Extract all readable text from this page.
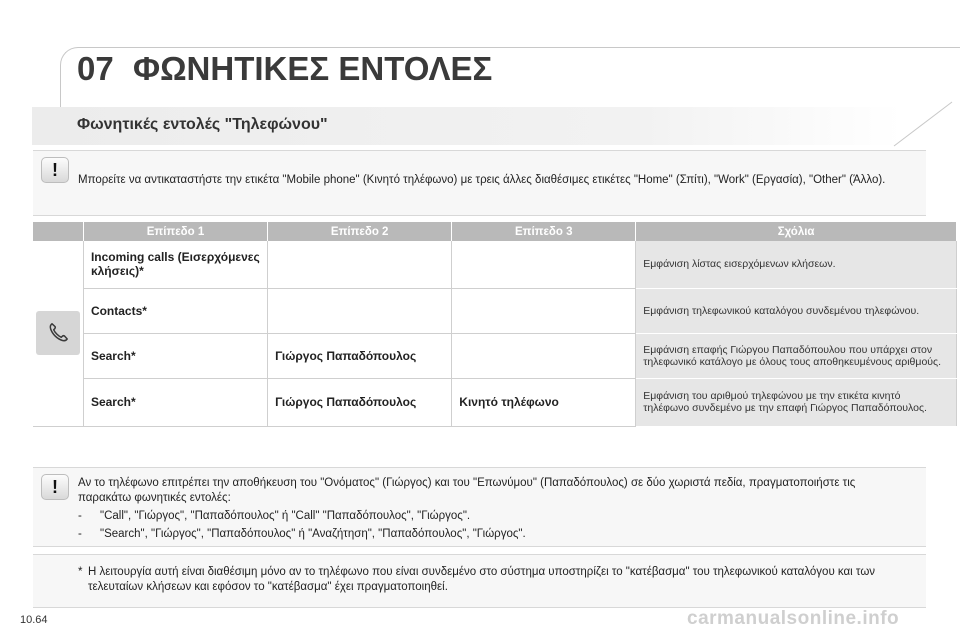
07 ΦΩΝΗΤΙΚΕΣ ΕΝΤΟΛΕΣ
Φωνητικές εντολές "Τηλεφώνου"
!	Μπορείτε να αντικαταστήστε την ετικέτα "Mobile phone" (Κινητό τηλέφωνο) με τρεις άλλες διαθέσιμες ετικέτες "Home" (Σπίτι), "Work" (Εργασία), "Other" (Άλλο).
	Επίπεδο 1	Επίπεδο 2	Επίπεδο 3	Σχόλια

	Incoming calls (Εισερχόμενες κλήσεις)*			Εμφάνιση λίστας εισερχόμενων κλήσεων.
	Contacts*			Εμφάνιση τηλεφωνικού καταλόγου συνδεμένου τηλεφώνου.
	Search*	Γιώργος Παπαδόπουλος		Εμφάνιση επαφής Γιώργου Παπαδόπουλου που υπάρχει στον τηλεφωνικό κατάλογο με όλους τους αποθηκευμένους αριθμούς.
	Search*	Γιώργος Παπαδόπουλος	Κινητό τηλέφωνο	Εμφάνιση του αριθμού τηλεφώνου με την ετικέτα κινητό τηλέφωνο συνδεμένο με την επαφή Γιώργος Παπαδόπουλος.
!	Αν το τηλέφωνο επιτρέπει την αποθήκευση του "Ονόματος" (Γιώργος) και του "Επωνύμου" (Παπαδόπουλος) σε δύο χωριστά πεδία, πραγματοποιήστε τις παρακάτω φωνητικές εντολές:
-	"Call", "Γιώργος", "Παπαδόπουλος" ή "Call" "Παπαδόπουλος", "Γιώργος".
-	"Search", "Γιώργος", "Παπαδόπουλος" ή "Αναζήτηση", "Παπαδόπουλος", "Γιώργος".
* Η λειτουργία αυτή είναι διαθέσιμη μόνο αν το τηλέφωνο που είναι συνδεμένο στο σύστημα υποστηρίζει το "κατέβασμα" του τηλεφωνικού καταλόγου και των τελευταίων κλήσεων και εφόσον το "κατέβασμα" έχει πραγματοποιηθεί.
10.64	carmanualsonline.info
